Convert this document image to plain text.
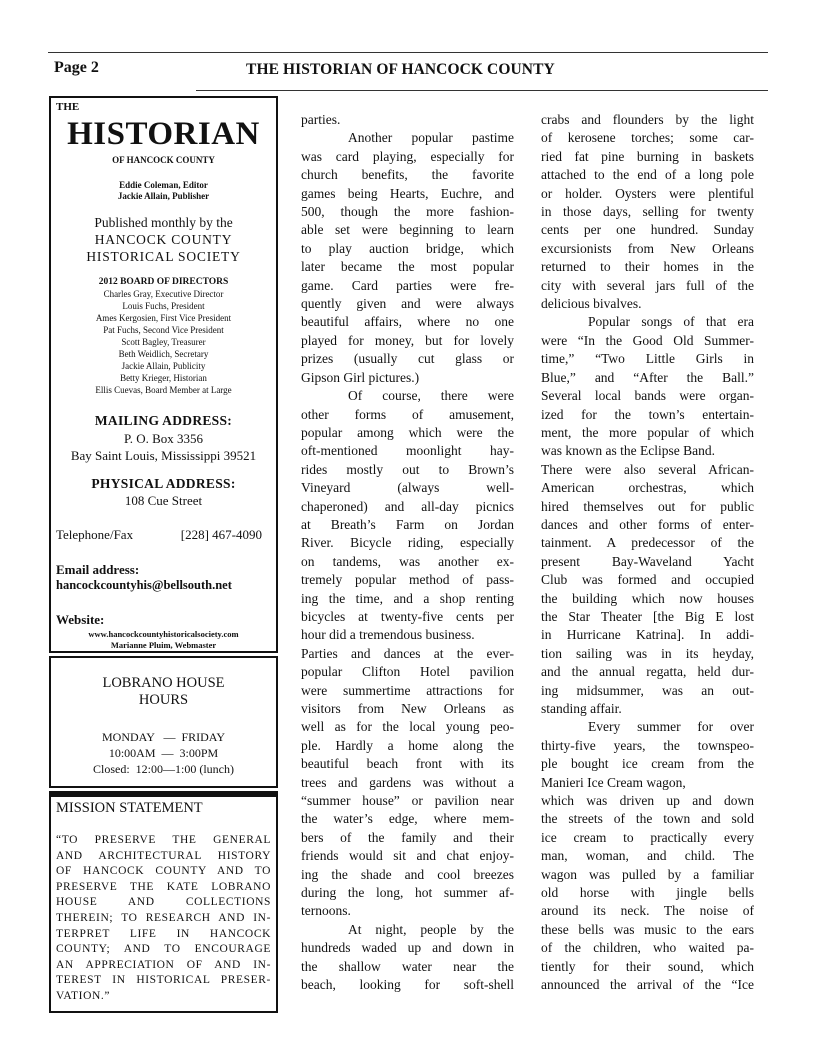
Page 2	THE HISTORIAN OF HANCOCK COUNTY
THE
HISTORIAN
OF HANCOCK COUNTY
Eddie Coleman, Editor
Jackie Allain, Publisher
Published monthly by the
HANCOCK COUNTY
HISTORICAL SOCIETY
2012 BOARD OF DIRECTORS
Charles Gray, Executive Director
Louis Fuchs, President
Ames Kergosien, First Vice President
Pat Fuchs, Second Vice President
Scott Bagley, Treasurer
Beth Weidlich, Secretary
Jackie Allain, Publicity
Betty Krieger, Historian
Ellis Cuevas, Board Member at Large
MAILING ADDRESS:
P. O. Box 3356
Bay Saint Louis, Mississippi 39521
PHYSICAL ADDRESS:
108 Cue Street
Telephone/Fax	[228] 467-4090
Email address:
hancockcountyhis@bellsouth.net
Website:
www.hancockcountyhistoricalsociety.com
Marianne Pluim, Webmaster
LOBRANO HOUSE
HOURS
MONDAY   —  FRIDAY
10:00AM  —  3:00PM
Closed:  12:00—1:00 (lunch)
MISSION STATEMENT
“TO PRESERVE THE GENERAL
AND ARCHITECTURAL HISTORY
OF HANCOCK COUNTY AND TO
PRESERVE THE KATE LOBRANO
HOUSE AND COLLECTIONS
THEREIN; TO RESEARCH AND IN-
TERPRET LIFE IN HANCOCK
COUNTY; AND TO ENCOURAGE
AN APPRECIATION OF AND IN-
TEREST IN HISTORICAL PRESER-
VATION.”
parties.
Another popular pastime
was card playing, especially for
church benefits, the favorite
games being Hearts, Euchre, and
500, though the more fashion-
able set were beginning to learn
to play auction bridge, which
later became the most popular
game. Card parties were fre-
quently given and were always
beautiful affairs, where no one
played for money, but for lovely
prizes (usually cut glass or
Gipson Girl pictures.)
Of course, there were
other forms of amusement,
popular among which were the
oft-mentioned moonlight hay-
rides mostly out to Brown’s
Vineyard (always well-
chaperoned) and all-day picnics
at Breath’s Farm on Jordan
River. Bicycle riding, especially
on tandems, was another ex-
tremely popular method of pass-
ing the time, and a shop renting
bicycles at twenty-five cents per
hour did a tremendous business.
Parties and dances at the ever-
popular Clifton Hotel pavilion
were summertime attractions for
visitors from New Orleans as
well as for the local young peo-
ple. Hardly a home along the
beautiful beach front with its
trees and gardens was without a
“summer house” or pavilion near
the water’s edge, where mem-
bers of the family and their
friends would sit and chat enjoy-
ing the shade and cool breezes
during the long, hot summer af-
ternoons.
At night, people by the
hundreds waded up and down in
the shallow water near the
beach, looking for soft-shell
crabs and flounders by the light
of kerosene torches; some car-
ried fat pine burning in baskets
attached to the end of a long pole
or holder. Oysters were plentiful
in those days, selling for twenty
cents per one hundred. Sunday
excursionists from New Orleans
returned to their homes in the
city with several jars full of the
delicious bivalves.
Popular songs of that era
were “In the Good Old Summer-
time,” “Two Little Girls in
Blue,” and “After the Ball.”
Several local bands were organ-
ized for the town’s entertain-
ment, the more popular of which
was known as the Eclipse Band.
There were also several African-
American orchestras, which
hired themselves out for public
dances and other forms of enter-
tainment. A predecessor of the
present Bay-Waveland Yacht
Club was formed and occupied
the building which now houses
the Star Theater [the Big E lost
in Hurricane Katrina]. In addi-
tion sailing was in its heyday,
and the annual regatta, held dur-
ing midsummer, was an out-
standing affair.
Every summer for over
thirty-five years, the townspeo-
ple bought ice cream from the
Manieri Ice Cream wagon,
which was driven up and down
the streets of the town and sold
ice cream to practically every
man, woman, and child. The
wagon was pulled by a familiar
old horse with jingle bells
around its neck. The noise of
these bells was music to the ears
of the children, who waited pa-
tiently for their sound, which
announced the arrival of the “Ice
